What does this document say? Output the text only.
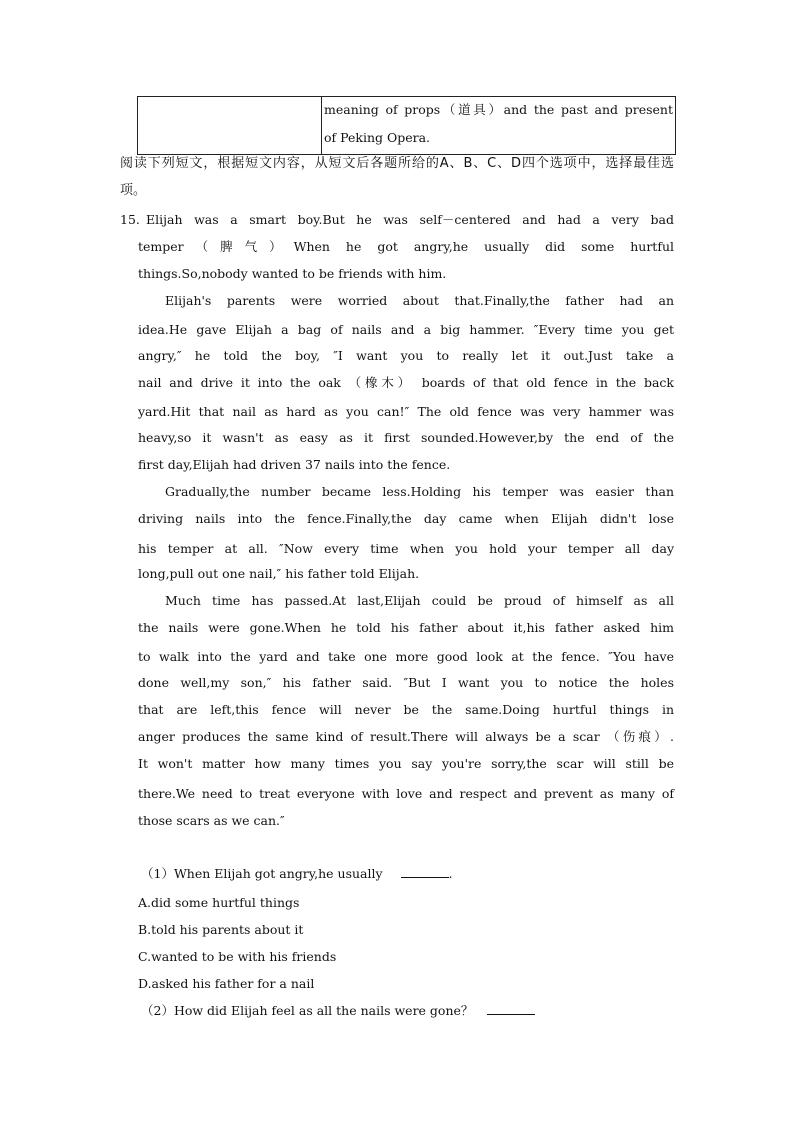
meaning of props（道具）and the past and present
of Peking Opera.
阅读下列短文，根据短文内容，从短文后各题所给的A、B、C、D四个选项中，选择最佳选
项。
15. Elijah was a smart boy.But he was self－centered and had a very bad
temper（脾气）When he got angry,he usually did some hurtful
things.So,nobody wanted to be friends with him.
Elijah's parents were worried about that.Finally,the father had an
idea.He gave Elijah a bag of nails and a big hammer. ″Every time you get
angry,″ he told the boy, ″I want you to really let it out.Just take a
nail and drive it into the oak （橡木） boards of that old fence in the back
yard.Hit that nail as hard as you can!″ The old fence was very hammer was
heavy,so it wasn't as easy as it first sounded.However,by the end of the
first day,Elijah had driven 37 nails into the fence.
Gradually,the number became less.Holding his temper was easier than
driving nails into the fence.Finally,the day came when Elijah didn't lose
his temper at all. ″Now every time when you hold your temper all day
long,pull out one nail,″ his father told Elijah.
Much time has passed.At last,Elijah could be proud of himself as all
the nails were gone.When he told his father about it,his father asked him
to walk into the yard and take one more good look at the fence. ″You have
done well,my son,″ his father said. ″But I want you to notice the holes
that are left,this fence will never be the same.Doing hurtful things in
anger produces the same kind of result.There will always be a scar （伤痕）.
It won't matter how many times you say you're sorry,the scar will still be
there.We need to treat everyone with love and respect and prevent as many of
those scars as we can.″
（1）When Elijah got angry,he usually	.
A.did some hurtful things
B.told his parents about it
C.wanted to be with his friends
D.asked his father for a nail
（2）How did Elijah feel as all the nails were gone？
